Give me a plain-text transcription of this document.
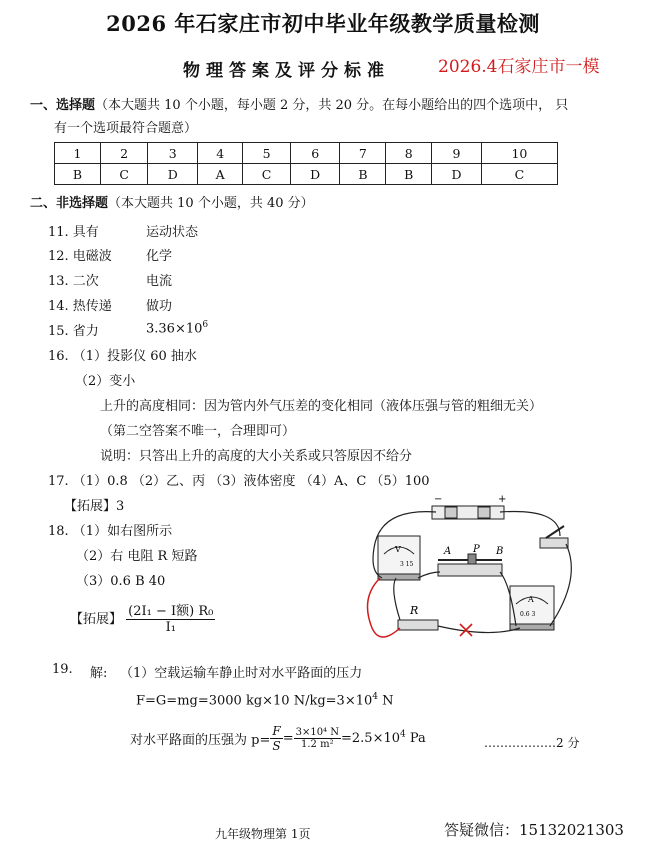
2026 年石家庄市初中毕业年级教学质量检测
物理答案及评分标准	2026.4石家庄市一模
一、选择题（本大题共 10 个小题，每小题 2 分，共 20 分。在每小题给出的四个选项中， 只
有一个选项最符合题意）
1	2	3	4	5	6	7	8	9	10
B	C	D	A	C	D	B	B	D	C
二、非选择题（本大题共 10 个小题，共 40 分）
11. 具有	运动状态
12. 电磁波	化学
13. 二次	电流
14. 热传递	做功
15. 省力	$3.36\times 10^6$
16. （1）投影仪 60 抽水
（2）变小
上升的高度相同：因为管内外气压差的变化相同（液体压强与管的粗细无关）
（第二空答案不唯一，合理即可）
说明：只答出上升的高度的大小关系或只答原因不给分
17. （1）0.8 （2）乙、丙 （3）液体密度 （4）A、C （5）100
【拓展】3
18. （1）如右图所示
（2）右 电阻 R 短路
（3）0.6 B 40
【拓展】 $\frac{\text{(2I₁ − I额) R₀}}{\text{I₁}}$
−	+
V
3 15
A P B
A
0.6 3
R
19. 解: （1）空载运输车静止时对水平路面的压力
F=G=mg=3000 kg×10 $N/kg=3\times 10^4$ N
对水平路面的压强为 $p= \frac{F}{S} = \frac{\text{3×10⁴ N}}{\text{1.2 m²}} =2.5\times 10^4$ Pa	………………2 分
九年级物理第 1页	答疑微信：15132021303
